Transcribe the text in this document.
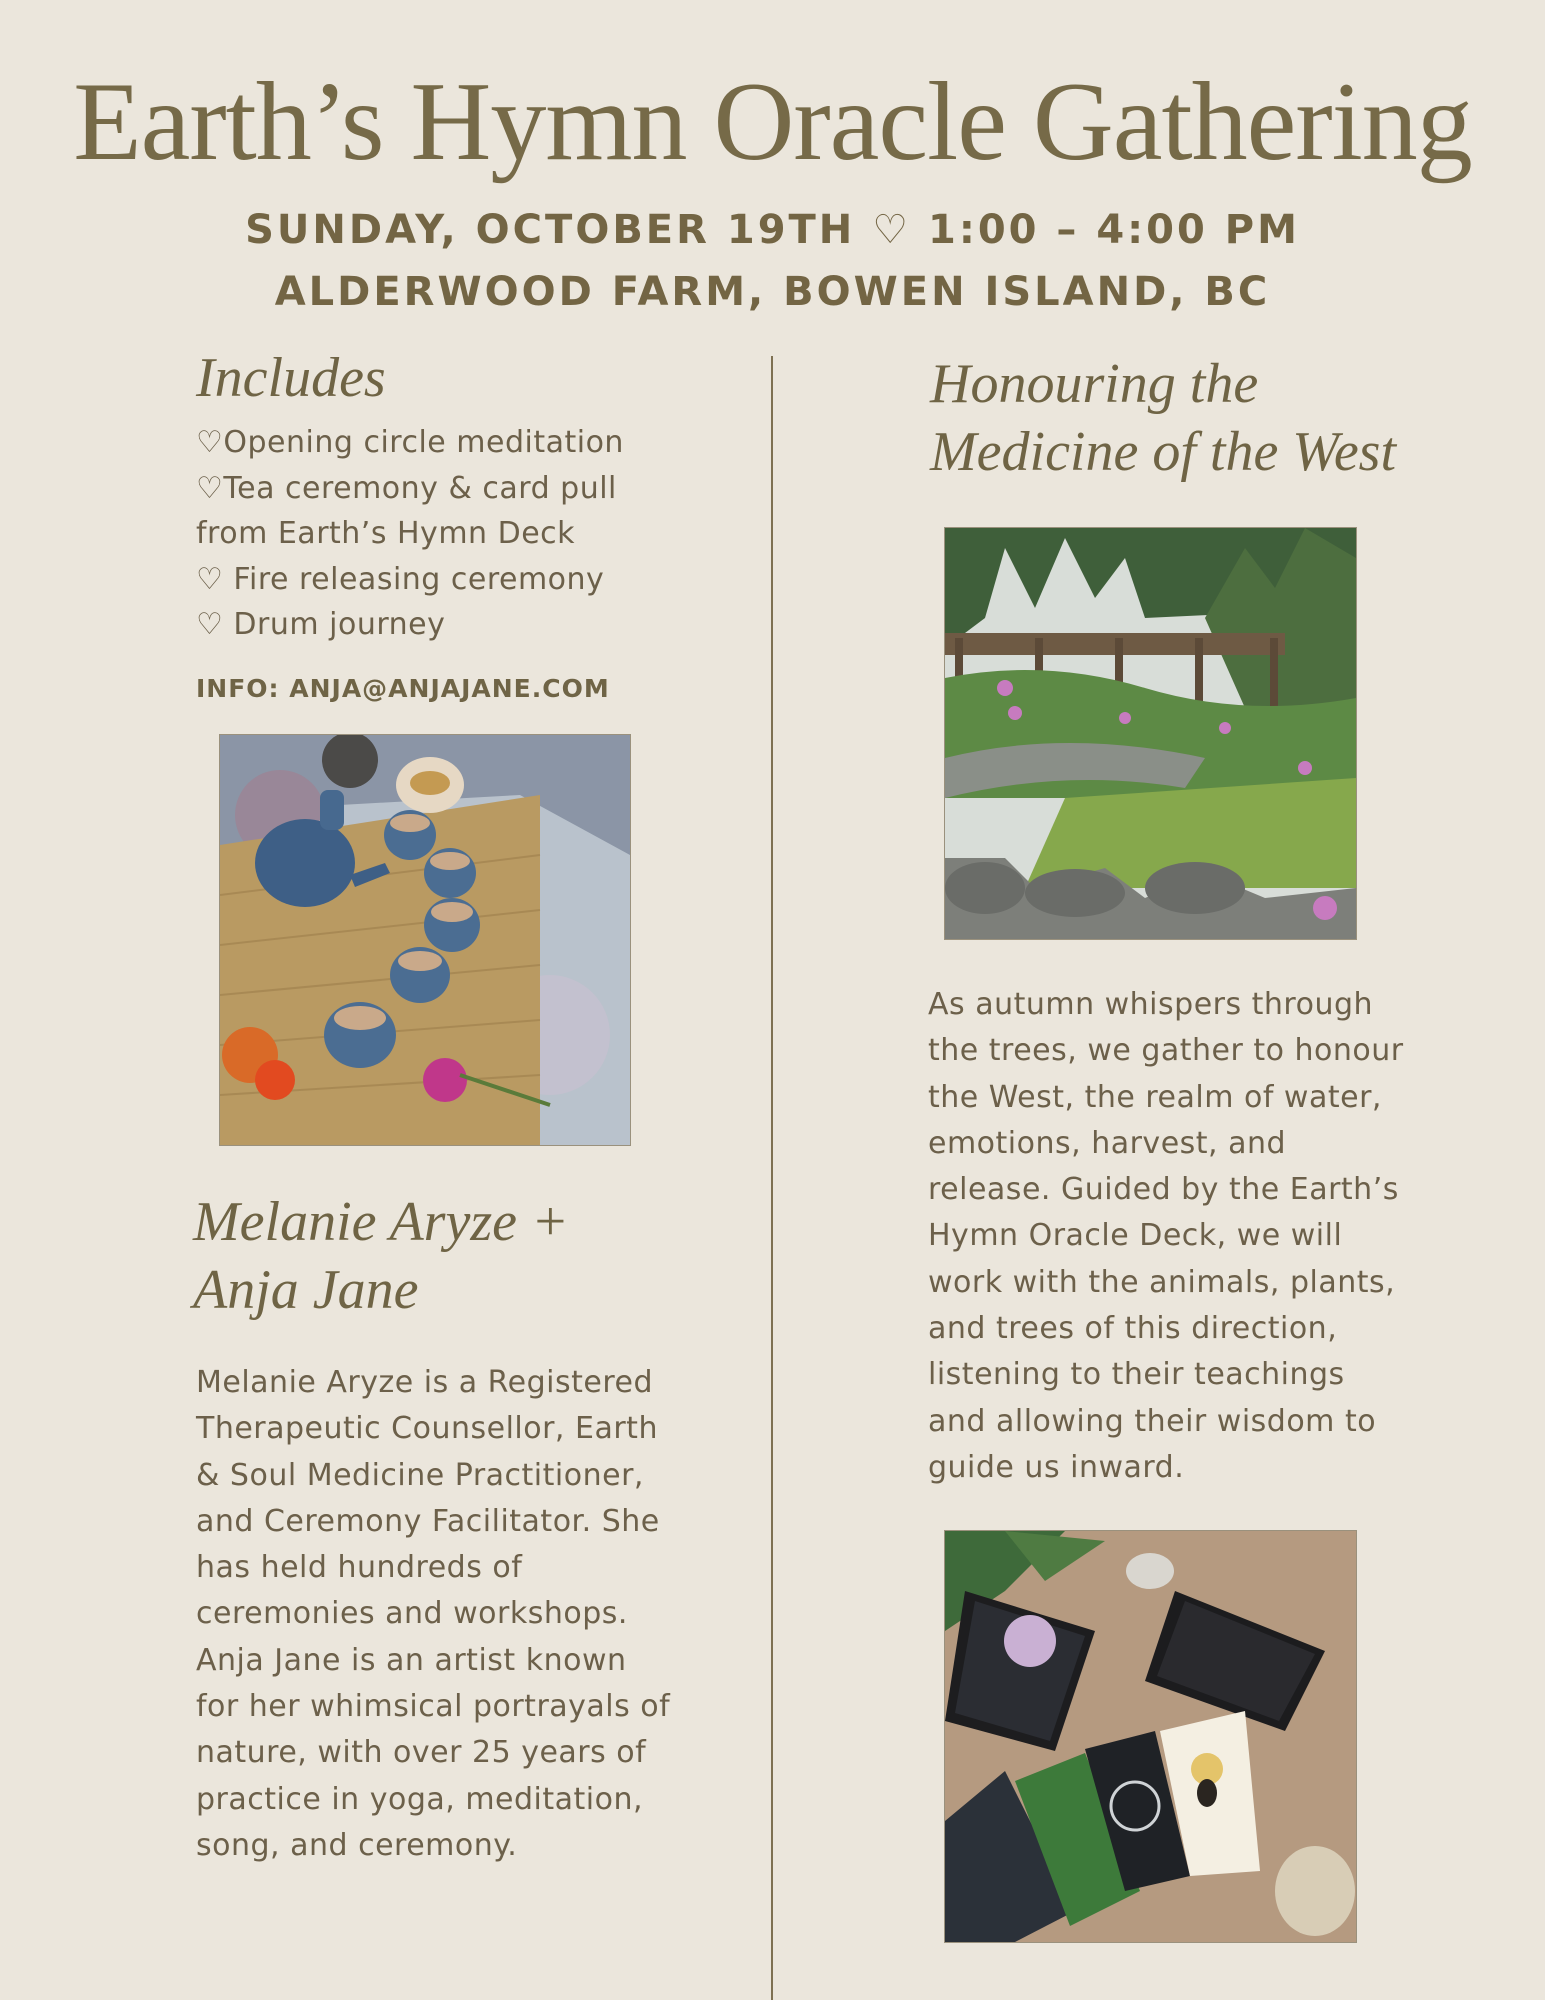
Earth’s Hymn Oracle Gathering
SUNDAY, OCTOBER 19TH ♡ 1:00 – 4:00 PM
ALDERWOOD FARM, BOWEN ISLAND, BC
Includes
♡Opening circle meditation
♡Tea ceremony & card pull
from Earth’s Hymn Deck
♡ Fire releasing ceremony
♡ Drum journey
INFO: ANJA@ANJAJANE.COM
Melanie Aryze +
Anja Jane

Melanie Aryze is a Registered Therapeutic Counsellor, Earth & Soul Medicine Practitioner, and Ceremony Facilitator. She has held hundreds of ceremonies and workshops. Anja Jane is an artist known for her whimsical portrayals of nature, with over 25 years of practice in yoga, meditation, song, and ceremony.

Honouring the
Medicine of the West

As autumn whispers through the trees, we gather to honour the West, the realm of water, emotions, harvest, and release. Guided by the Earth’s Hymn Oracle Deck, we will work with the animals, plants, and trees of this direction, listening to their teachings and allowing their wisdom to guide us inward.
